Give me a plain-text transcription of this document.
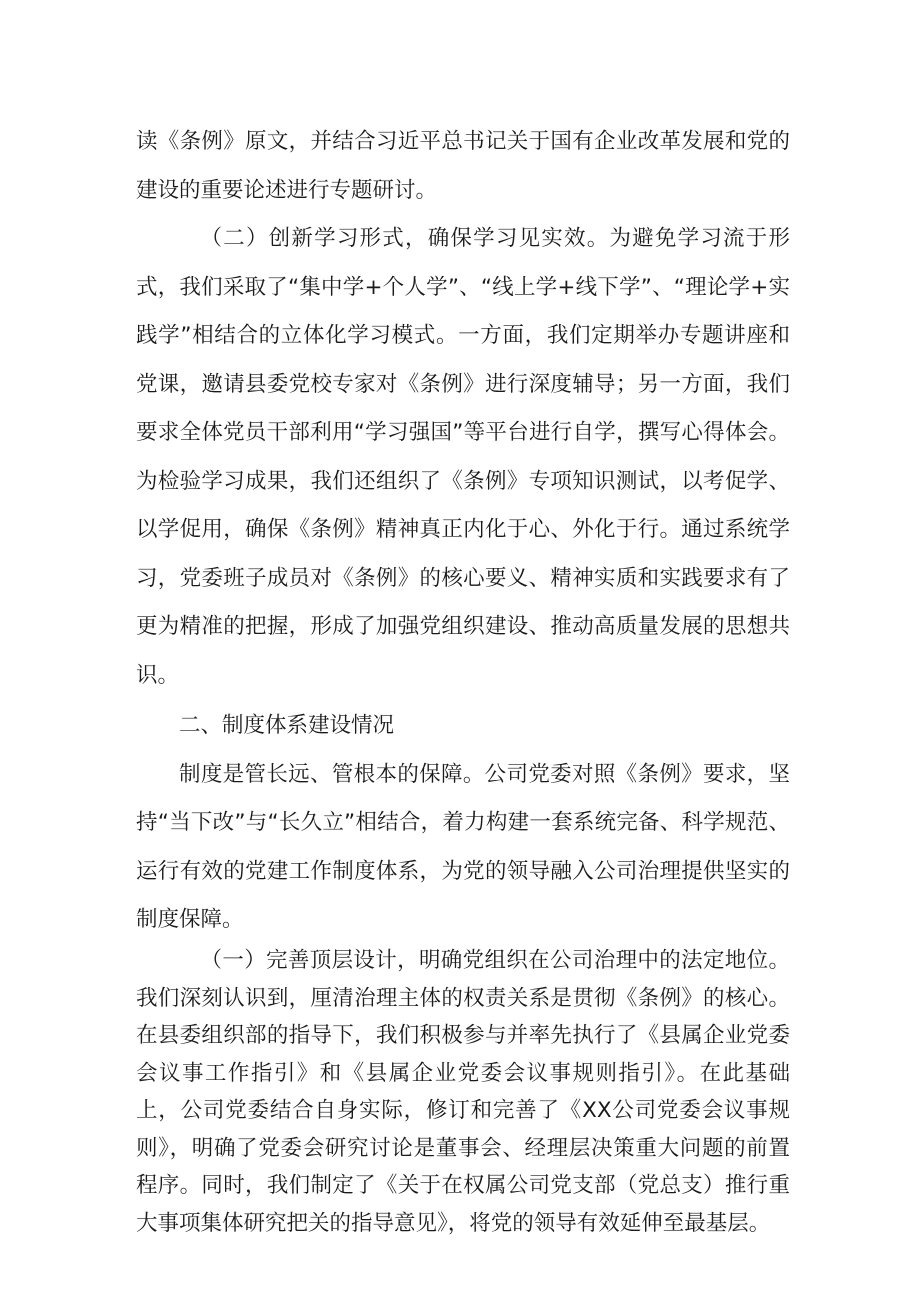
读《条例》原文，并结合习近平总书记关于国有企业改革发展和党的建设的重要论述进行专题研讨。

（二）创新学习形式，确保学习见实效。为避免学习流于形式，我们采取了“集中学+个人学”、“线上学+线下学”、“理论学+实践学”相结合的立体化学习模式。一方面，我们定期举办专题讲座和党课，邀请县委党校专家对《条例》进行深度辅导；另一方面，我们要求全体党员干部利用“学习强国”等平台进行自学，撰写心得体会。为检验学习成果，我们还组织了《条例》专项知识测试，以考促学、以学促用，确保《条例》精神真正内化于心、外化于行。通过系统学习，党委班子成员对《条例》的核心要义、精神实质和实践要求有了更为精准的把握，形成了加强党组织建设、推动高质量发展的思想共识。

二、制度体系建设情况

制度是管长远、管根本的保障。公司党委对照《条例》要求，坚持“当下改”与“长久立”相结合，着力构建一套系统完备、科学规范、运行有效的党建工作制度体系，为党的领导融入公司治理提供坚实的制度保障。

（一）完善顶层设计，明确党组织在公司治理中的法定地位。我们深刻认识到，厘清治理主体的权责关系是贯彻《条例》的核心。在县委组织部的指导下，我们积极参与并率先执行了《县属企业党委会议事工作指引》和《县属企业党委会议事规则指引》。在此基础上，公司党委结合自身实际，修订和完善了《XX公司党委会议事规则》，明确了党委会研究讨论是董事会、经理层决策重大问题的前置程序。同时，我们制定了《关于在权属公司党支部（党总支）推行重大事项集体研究把关的指导意见》，将党的领导有效延伸至最基层。
